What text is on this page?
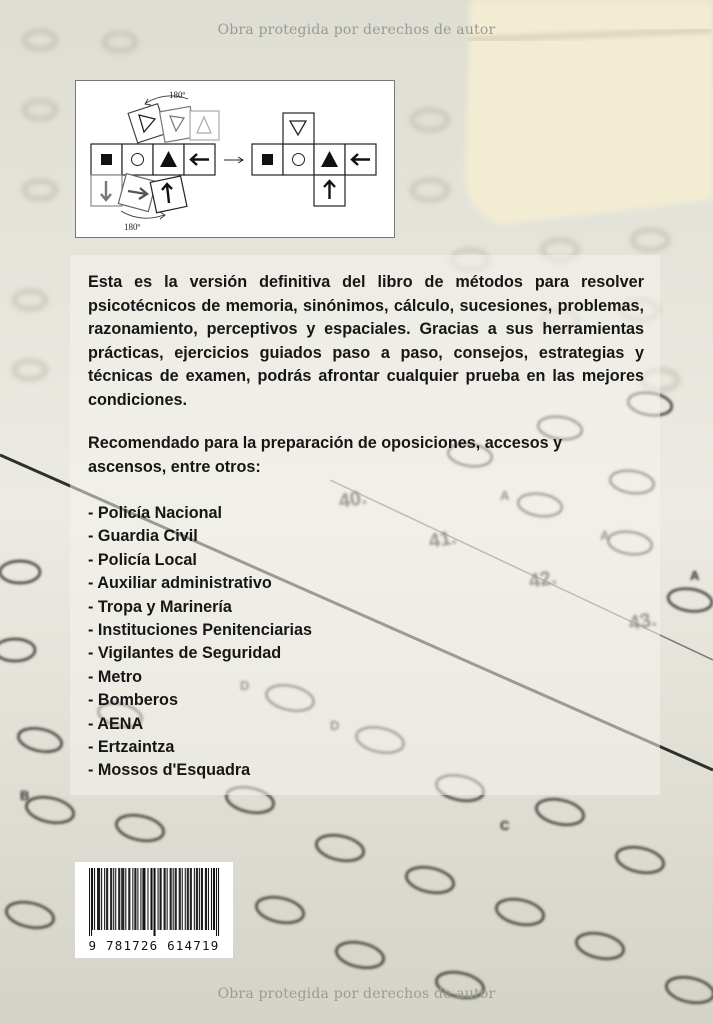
A
C
B
Obra protegida por derechos de autor
180º
180º
Esta es la versión definitiva del libro de métodos para resolver psicotécnicos de memoria, sinónimos, cálculo, sucesiones, problemas, razonamiento, perceptivos y espaciales. Gracias a sus herramientas prácticas, ejercicios guiados paso a paso, consejos, estrategias y técnicas de examen, podrás afrontar cualquier prueba en las mejores condiciones.
Recomendado para la preparación de oposiciones, accesos y ascensos, entre otros:
- Policía Nacional
- Guardia Civil
- Policía Local
- Auxiliar administrativo
- Tropa y Marinería
- Instituciones Penitenciarias
- Vigilantes de Seguridad
- Metro
- Bomberos
- AENA
- Ertzaintza
- Mossos d'Esquadra
9 781726 614719
Obra protegida por derechos de autor
